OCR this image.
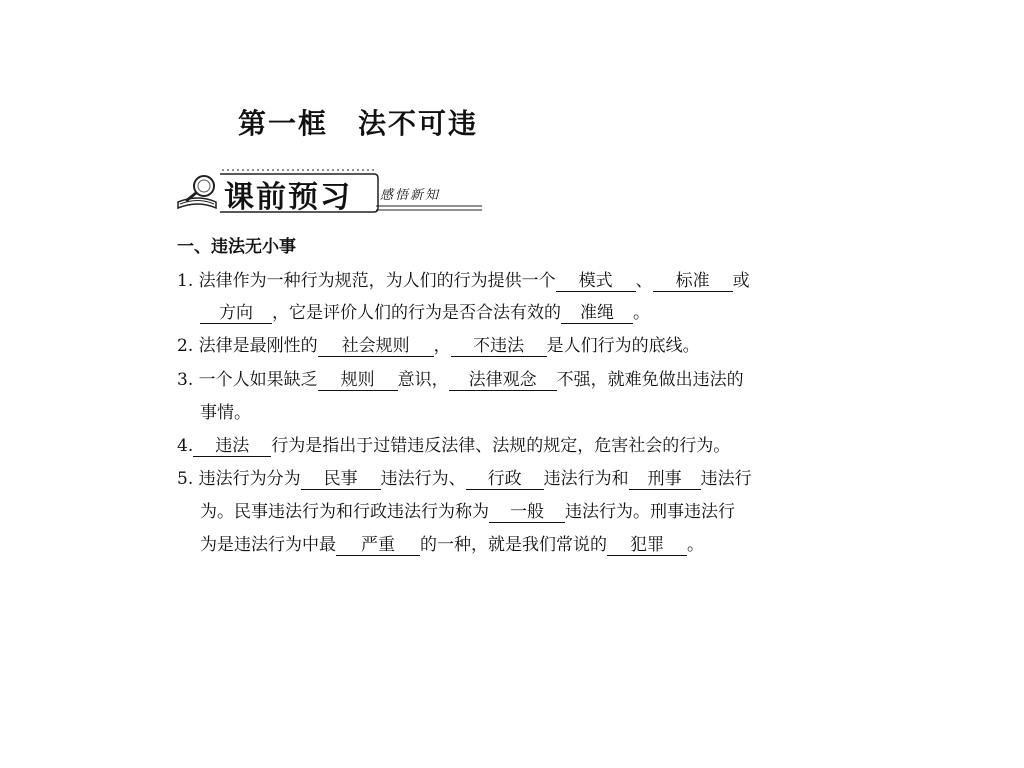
第一框　法不可违
课前预习 感悟新知
一、违法无小事
1. 法律作为一种行为规范，为人们的行为提供一个 模式 、 标准 或
方向 ，它是评价人们的行为是否合法有效的 准绳 。
2. 法律是最刚性的 社会规则 ， 不违法 是人们行为的底线。
3. 一个人如果缺乏 规则 意识， 法律观念 不强，就难免做出违法的
事情。
4. 违法 行为是指出于过错违反法律、法规的规定，危害社会的行为。
5. 违法行为分为 民事 违法行为、 行政 违法行为和 刑事 违法行
为。民事违法行为和行政违法行为称为 一般 违法行为。刑事违法行
为是违法行为中最 严重 的一种，就是我们常说的 犯罪 。
